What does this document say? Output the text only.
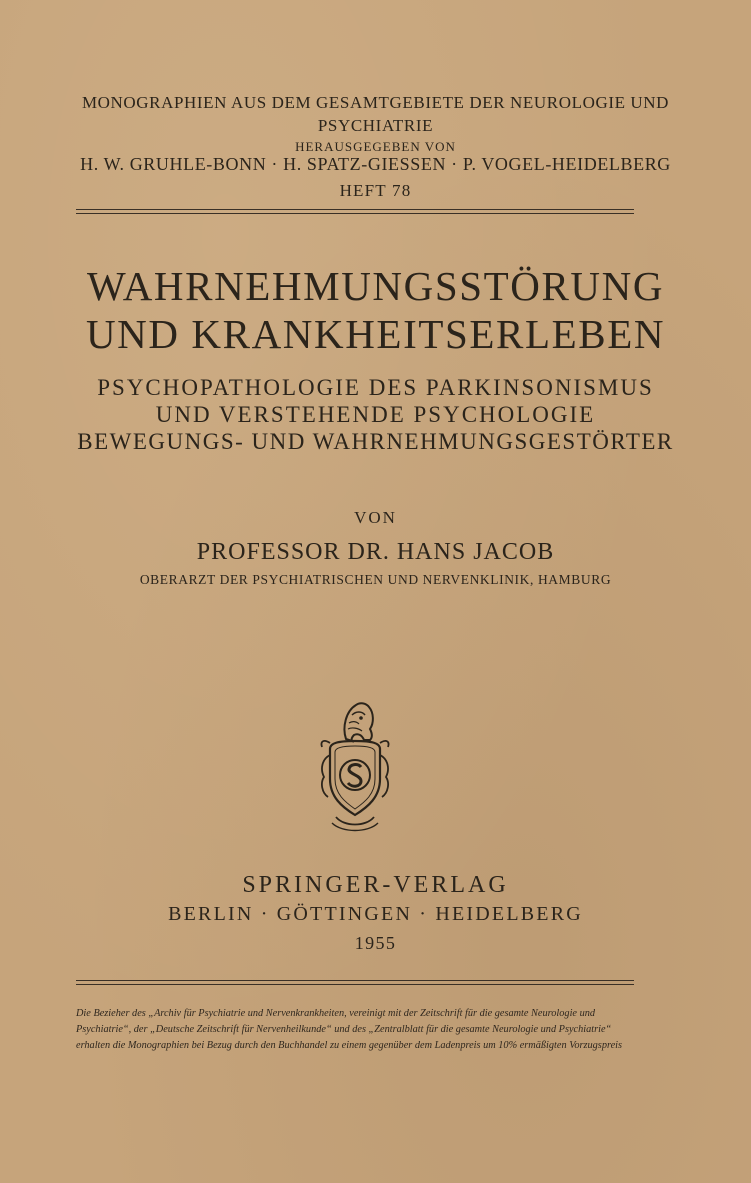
MONOGRAPHIEN AUS DEM GESAMTGEBIETE DER NEUROLOGIE UND
PSYCHIATRIE
HERAUSGEGEBEN VON
H. W. GRUHLE-BONN · H. SPATZ-GIESSEN · P. VOGEL-HEIDELBERG
HEFT 78
WAHRNEHMUNGSSTÖRUNG
UND KRANKHEITSERLEBEN
PSYCHOPATHOLOGIE DES PARKINSONISMUS
UND VERSTEHENDE PSYCHOLOGIE
BEWEGUNGS- UND WAHRNEHMUNGSGESTÖRTER
VON
PROFESSOR DR. HANS JACOB
OBERARZT DER PSYCHIATRISCHEN UND NERVENKLINIK, HAMBURG
SPRINGER-VERLAG
BERLIN · GÖTTINGEN · HEIDELBERG
1955
Die Bezieher des „Archiv für Psychiatrie und Nervenkrankheiten, vereinigt mit der Zeitschrift für die gesamte Neurologie und
Psychiatrie“, der „Deutsche Zeitschrift für Nervenheilkunde“ und des „Zentralblatt für die gesamte Neurologie und Psychiatrie“
erhalten die Monographien bei Bezug durch den Buchhandel zu einem gegenüber dem Ladenpreis um 10% ermäßigten Vorzugspreis
